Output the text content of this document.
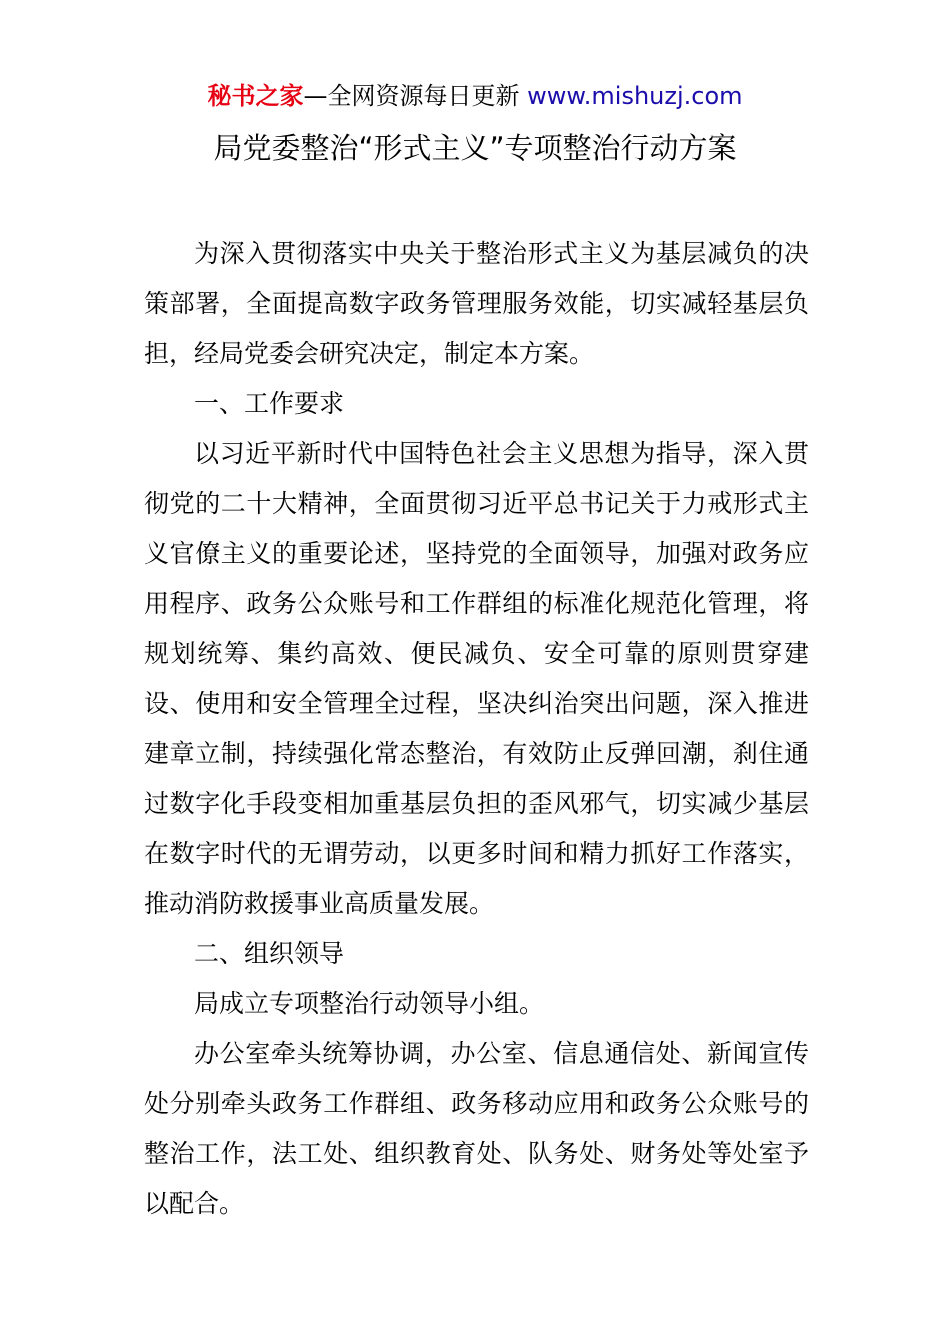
秘书之家—全网资源每日更新 www.mishuzj.com
局党委整治“形式主义”专项整治行动方案

为深入贯彻落实中央关于整治形式主义为基层减负的决策部署，全面提高数字政务管理服务效能，切实减轻基层负担，经局党委会研究决定，制定本方案。

一、工作要求

以习近平新时代中国特色社会主义思想为指导，深入贯彻党的二十大精神，全面贯彻习近平总书记关于力戒形式主义官僚主义的重要论述，坚持党的全面领导，加强对政务应用程序、政务公众账号和工作群组的标准化规范化管理，将规划统筹、集约高效、便民减负、安全可靠的原则贯穿建设、使用和安全管理全过程，坚决纠治突出问题，深入推进建章立制，持续强化常态整治，有效防止反弹回潮，刹住通过数字化手段变相加重基层负担的歪风邪气，切实减少基层在数字时代的无谓劳动，以更多时间和精力抓好工作落实，推动消防救援事业高质量发展。

二、组织领导

局成立专项整治行动领导小组。

办公室牵头统筹协调，办公室、信息通信处、新闻宣传处分别牵头政务工作群组、政务移动应用和政务公众账号的整治工作，法工处、组织教育处、队务处、财务处等处室予以配合。
